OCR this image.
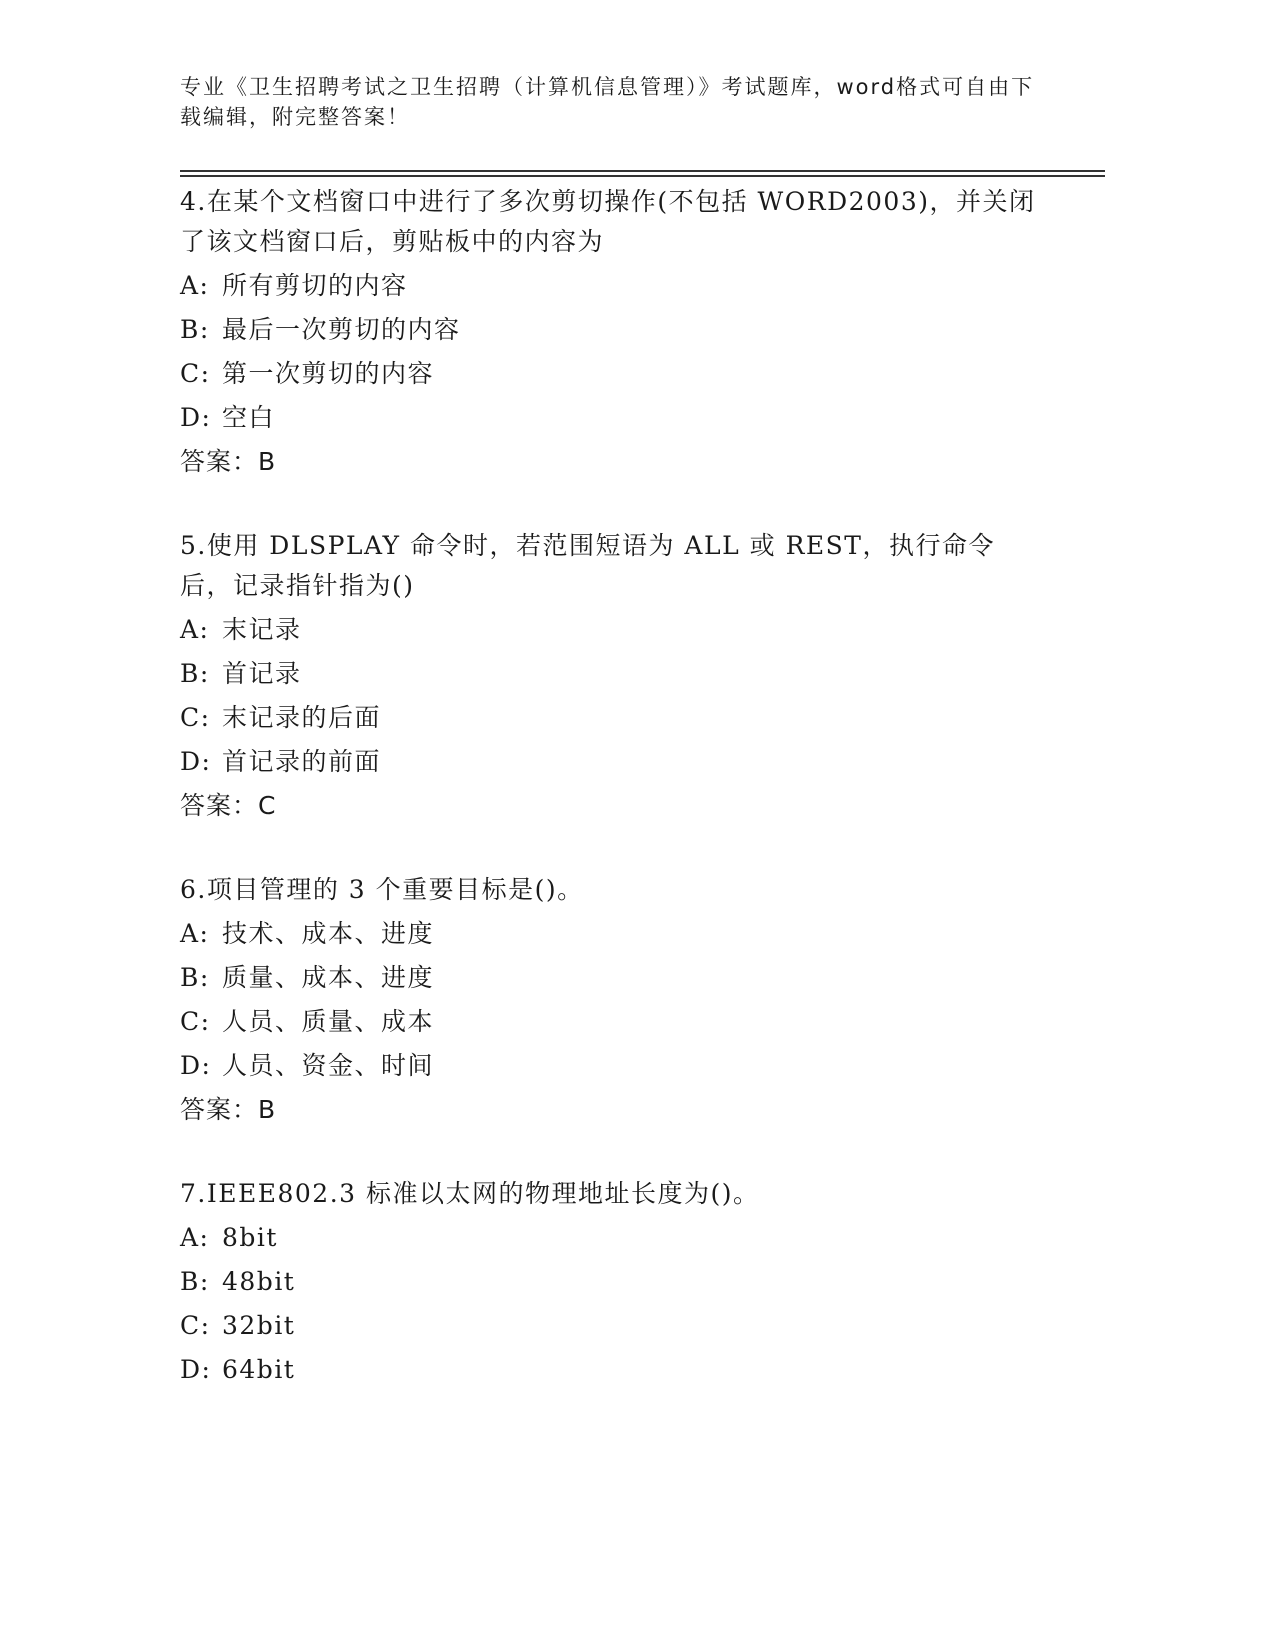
专业《卫生招聘考试之卫生招聘（计算机信息管理）》考试题库，word格式可自由下载编辑，附完整答案！
4.在某个文档窗口中进行了多次剪切操作(不包括 WORD2003)，并关闭了该文档窗口后，剪贴板中的内容为
A: 所有剪切的内容
B: 最后一次剪切的内容
C: 第一次剪切的内容
D: 空白
答案：B
5.使用 DLSPLAY 命令时，若范围短语为 ALL 或 REST，执行命令后，记录指针指为()
A: 末记录
B: 首记录
C: 末记录的后面
D: 首记录的前面
答案：C
6.项目管理的 3 个重要目标是()。
A: 技术、成本、进度
B: 质量、成本、进度
C: 人员、质量、成本
D: 人员、资金、时间
答案：B
7.IEEE802.3 标准以太网的物理地址长度为()。
A: 8bit
B: 48bit
C: 32bit
D: 64bit
